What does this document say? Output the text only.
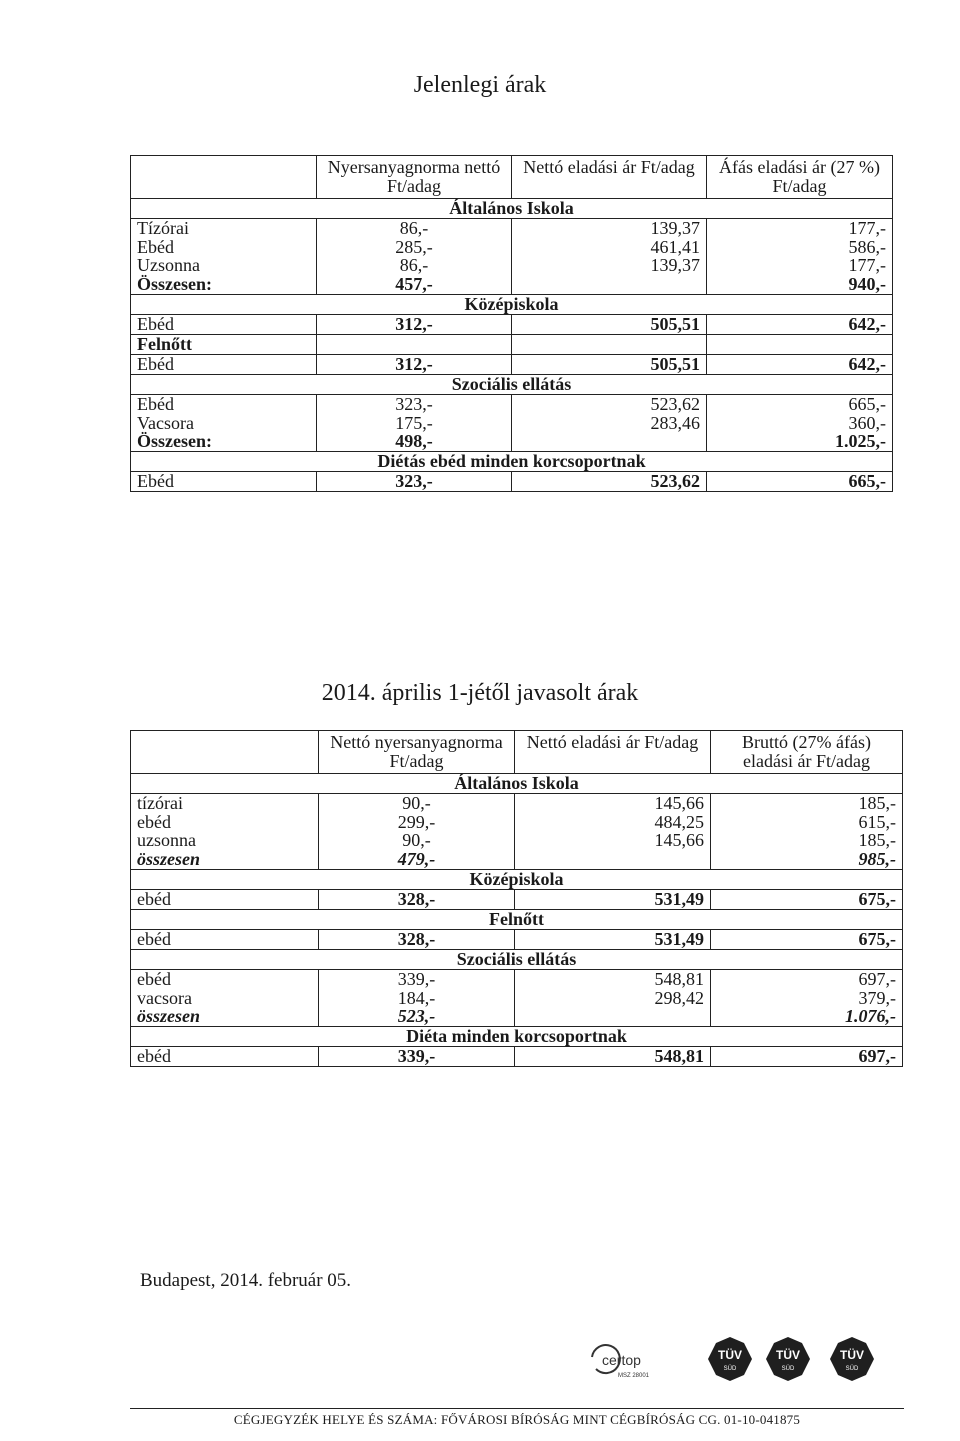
Jelenlegi árak
	Nyersanyagnorma nettó Ft/adag	Nettó eladási ár Ft/adag	Áfás eladási ár (27 %) Ft/adag
Általános Iskola			
Tízórai	86,-	139,37	177,-
Ebéd	285,-	461,41	586,-
Uzsonna	86,-	139,37	177,-
Összesen:	457,-		940,-
Középiskola			
Ebéd	312,-	505,51	642,-
Felnőtt			
Ebéd	312,-	505,51	642,-
Szociális ellátás			
Ebéd	323,-	523,62	665,-
Vacsora	175,-	283,46	360,-
Összesen:	498,-		1.025,-
Diétás ebéd minden korcsoportnak			
Ebéd	323,-	523,62	665,-
2014. április 1-jétől javasolt árak
	Nettó nyersanyagnorma Ft/adag	Nettó eladási ár Ft/adag	Bruttó (27% áfás) eladási ár Ft/adag
Általános Iskola			
tízórai	90,-	145,66	185,-
ebéd	299,-	484,25	615,-
uzsonna	90,-	145,66	185,-
összesen	479,-		985,-
Középiskola			
ebéd	328,-	531,49	675,-
Felnőtt			
ebéd	328,-	531,49	675,-
Szociális ellátás			
ebéd	339,-	548,81	697,-
vacsora	184,-	298,42	379,-
összesen	523,-		1.076,-
Diéta minden korcsoportnak			
ebéd	339,-	548,81	697,-
Budapest, 2014. február 05.
certop
MSZ 28001
TÜV
SÜD
TÜV
SÜD
TÜV
SÜD
CÉGJEGYZÉK HELYE ÉS SZÁMA: FŐVÁROSI BÍRÓSÁG MINT CÉGBÍRÓSÁG CG. 01-10-041875
